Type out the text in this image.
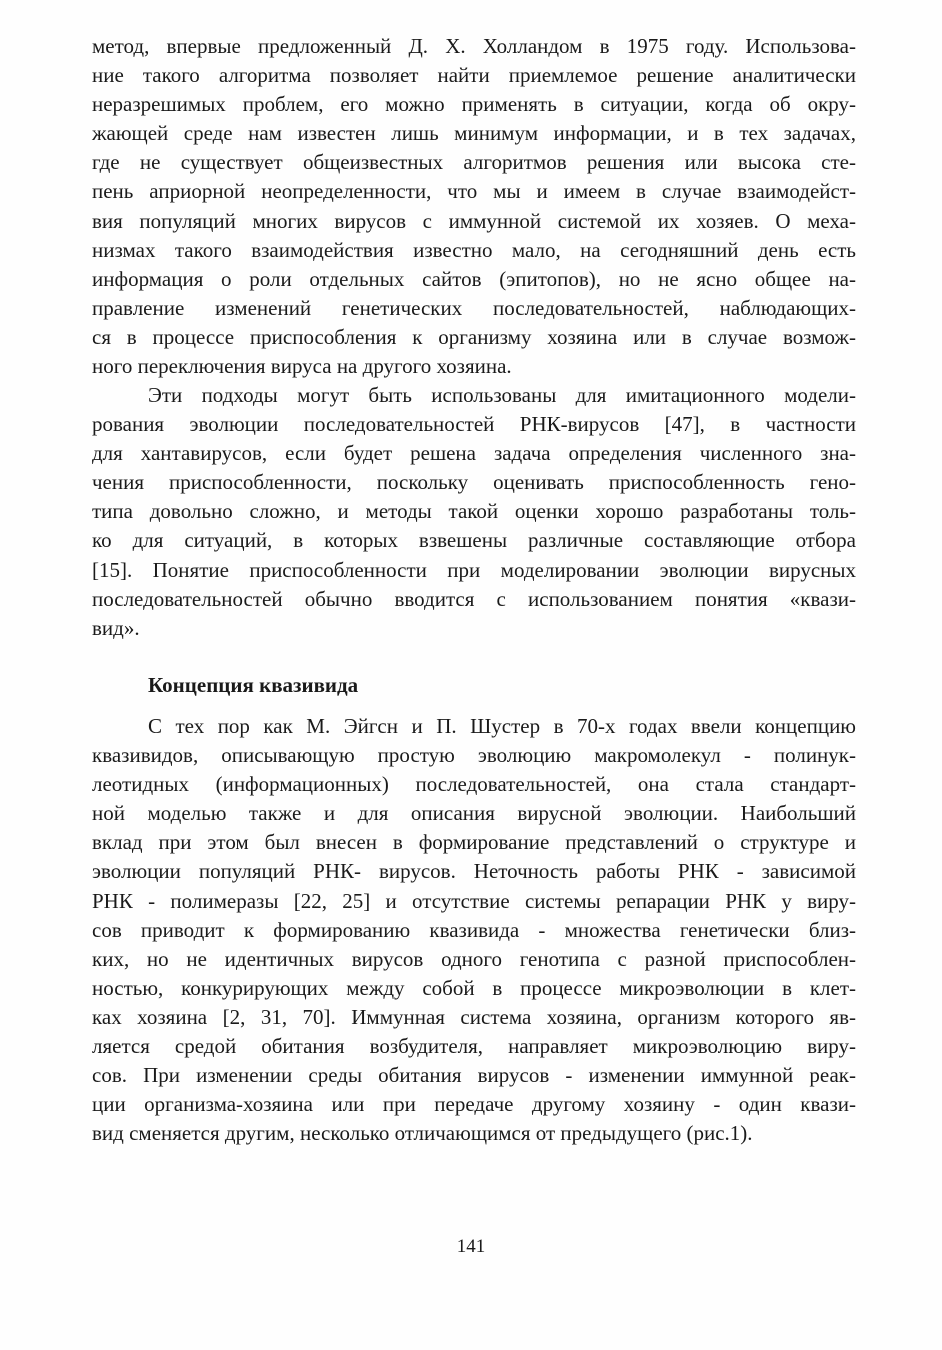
метод, впервые предложенный Д. Х. Холландом в 1975 году. Использова-
ние такого алгоритма позволяет найти приемлемое решение аналитически
неразрешимых проблем, его можно применять в ситуации, когда об окру-
жающей среде нам известен лишь минимум информации, и в тех задачах,
где не существует общеизвестных алгоритмов решения или высока сте-
пень априорной неопределенности, что мы и имеем в случае взаимодейст-
вия популяций многих вирусов с иммунной системой их хозяев. О меха-
низмах такого взаимодействия известно мало, на сегодняшний день есть
информация о роли отдельных сайтов (эпитопов), но не ясно общее на-
правление изменений генетических последовательностей, наблюдающих-
ся в процессе приспособления к организму хозяина или в случае возмож-
ного переключения вируса на другого хозяина.
Эти подходы могут быть использованы для имитационного модели-
рования эволюции последовательностей РНК-вирусов [47], в частности
для хантавирусов, если будет решена задача определения численного зна-
чения приспособленности, поскольку оценивать приспособленность гено-
типа довольно сложно, и методы такой оценки хорошо разработаны толь-
ко для ситуаций, в которых взвешены различные составляющие отбора
[15]. Понятие приспособленности при моделировании эволюции вирусных
последовательностей обычно вводится с использованием понятия «квази-
вид».
Концепция квазивида
С тех пор как М. Эйгсн и П. Шустер в 70-х годах ввели концепцию
квазивидов, описывающую простую эволюцию макромолекул - полинук-
леотидных (информационных) последовательностей, она стала стандарт-
ной моделью также и для описания вирусной эволюции. Наибольший
вклад при этом был внесен в формирование представлений о структуре и
эволюции популяций РНК- вирусов. Неточность работы РНК - зависимой
РНК - полимеразы [22, 25] и отсутствие системы репарации РНК у виру-
сов приводит к формированию квазивида - множества генетически близ-
ких, но не идентичных вирусов одного генотипа с разной приспособлен-
ностью, конкурирующих между собой в процессе микроэволюции в клет-
ках хозяина [2, 31, 70]. Иммунная система хозяина, организм которого яв-
ляется средой обитания возбудителя, направляет микроэволюцию виру-
сов. При изменении среды обитания вирусов - изменении иммунной реак-
ции организма-хозяина или при передаче другому хозяину - один квази-
вид сменяется другим, несколько отличающимся от предыдущего (рис.1).
141
